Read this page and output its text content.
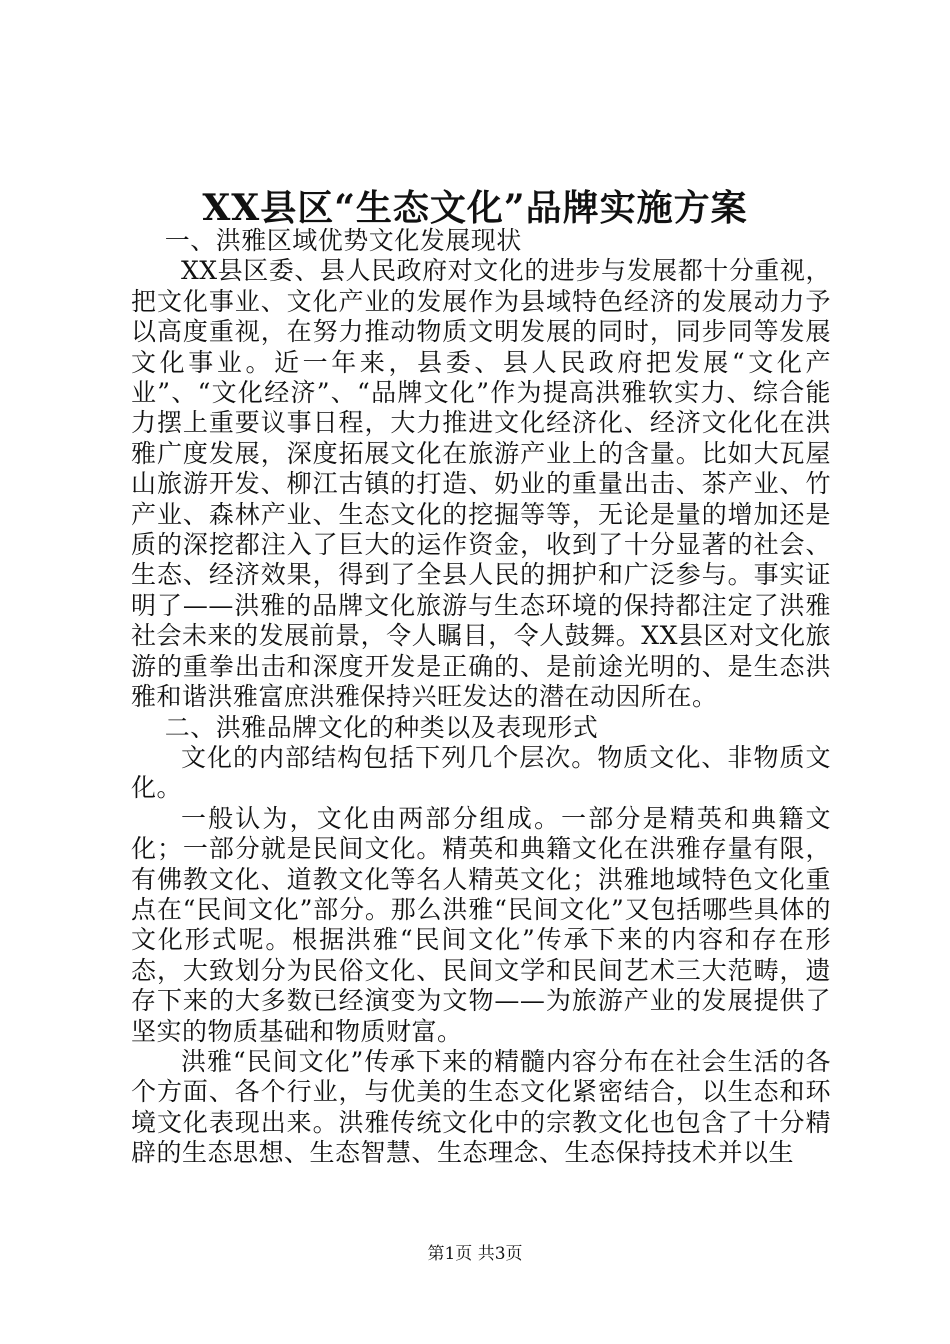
XX县区“生态文化”品牌实施方案

一、洪雅区域优势文化发展现状

XX县区委、县人民政府对文化的进步与发展都十分重视，把文化事业、文化产业的发展作为县域特色经济的发展动力予以高度重视，在努力推动物质文明发展的同时，同步同等发展文化事业。近一年来，县委、县人民政府把发展“文化产业”、“文化经济”、“品牌文化”作为提高洪雅软实力、综合能力摆上重要议事日程，大力推进文化经济化、经济文化化在洪雅广度发展，深度拓展文化在旅游产业上的含量。比如大瓦屋山旅游开发、柳江古镇的打造、奶业的重量出击、茶产业、竹产业、森林产业、生态文化的挖掘等等，无论是量的增加还是质的深挖都注入了巨大的运作资金，收到了十分显著的社会、生态、经济效果，得到了全县人民的拥护和广泛参与。事实证明了——洪雅的品牌文化旅游与生态环境的保持都注定了洪雅社会未来的发展前景，令人瞩目，令人鼓舞。XX县区对文化旅游的重拳出击和深度开发是正确的、是前途光明的、是生态洪雅和谐洪雅富庶洪雅保持兴旺发达的潜在动因所在。

二、洪雅品牌文化的种类以及表现形式

文化的内部结构包括下列几个层次。物质文化、非物质文化。

一般认为，文化由两部分组成。一部分是精英和典籍文化；一部分就是民间文化。精英和典籍文化在洪雅存量有限，有佛教文化、道教文化等名人精英文化；洪雅地域特色文化重点在“民间文化”部分。那么洪雅“民间文化”又包括哪些具体的文化形式呢。根据洪雅“民间文化”传承下来的内容和存在形态，大致划分为民俗文化、民间文学和民间艺术三大范畴，遗存下来的大多数已经演变为文物——为旅游产业的发展提供了坚实的物质基础和物质财富。

洪雅“民间文化”传承下来的精髓内容分布在社会生活的各个方面、各个行业，与优美的生态文化紧密结合，以生态和环境文化表现出来。洪雅传统文化中的宗教文化也包含了十分精辟的生态思想、生态智慧、生态理念、生态保持技术并以生

第1页 共3页
